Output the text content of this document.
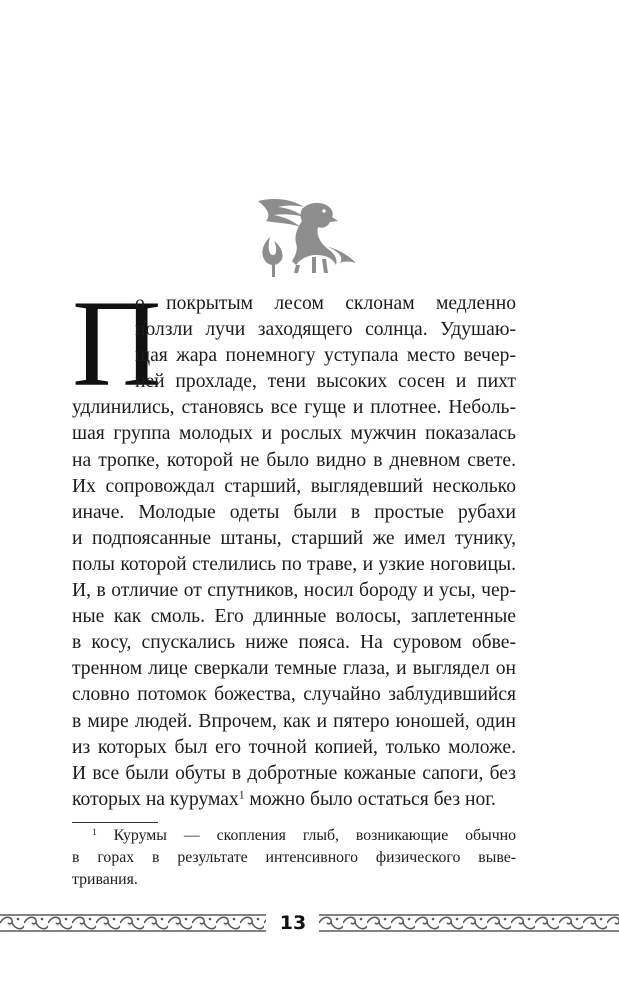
П
о покрытым лесом склонам медленно
ползли лучи заходящего солнца. Удушаю-
щая жара понемногу уступала место вечер-
ней прохладе, тени высоких сосен и пихт
удлинились, становясь все гуще и плотнее. Неболь-
шая группа молодых и рослых мужчин показалась
на тропке, которой не было видно в дневном свете.
Их сопровождал старший, выглядевший несколько
иначе. Молодые одеты были в простые рубахи
и подпоясанные штаны, старший же имел тунику,
полы которой стелились по траве, и узкие ноговицы.
И, в отличие от спутников, носил бороду и усы, чер-
ные как смоль. Его длинные волосы, заплетенные
в косу, спускались ниже пояса. На суровом обве-
тренном лице сверкали темные глаза, и выглядел он
словно потомок божества, случайно заблудившийся
в мире людей. Впрочем, как и пятеро юношей, один
из которых был его точной копией, только моложе.
И все были обуты в добротные кожаные сапоги, без
которых на курумах$^1$ можно было остаться без ног.
$^1$ Курумы — скопления глыб, возникающие обычно
в горах в результате интенсивного физического выве-
тривания.
13
